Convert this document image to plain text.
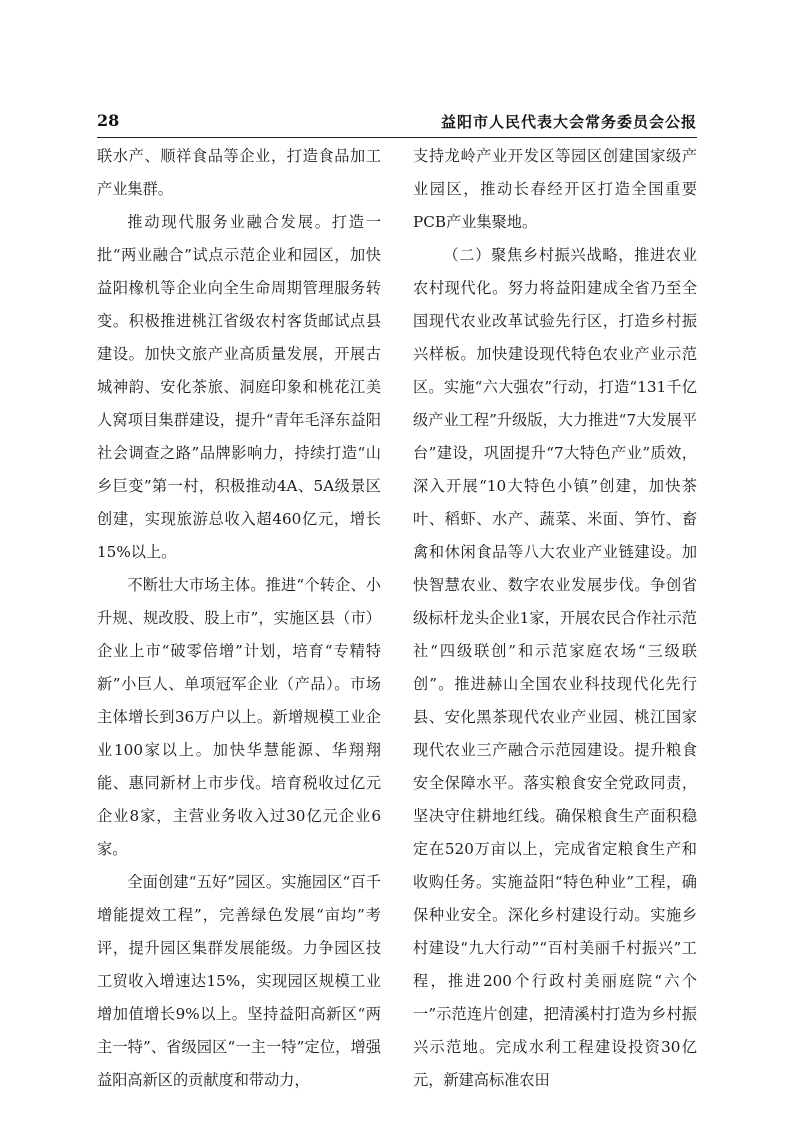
28	益阳市人民代表大会常务委员会公报

联水产、顺祥食品等企业，打造食品加工产业集群。

推动现代服务业融合发展。打造一批“两业融合”试点示范企业和园区，加快益阳橡机等企业向全生命周期管理服务转变。积极推进桃江省级农村客货邮试点县建设。加快文旅产业高质量发展，开展古城神韵、安化茶旅、洞庭印象和桃花江美人窝项目集群建设，提升“青年毛泽东益阳社会调查之路”品牌影响力，持续打造“山乡巨变”第一村，积极推动4A、5A级景区创建，实现旅游总收入超460亿元，增长15%以上。

不断壮大市场主体。推进“个转企、小升规、规改股、股上市”，实施区县（市）企业上市“破零倍增”计划，培育“专精特新”小巨人、单项冠军企业（产品）。市场主体增长到36万户以上。新增规模工业企业100家以上。加快华慧能源、华翔翔能、惠同新材上市步伐。培育税收过亿元企业8家，主营业务收入过30亿元企业6家。

全面创建“五好”园区。实施园区“百千增能提效工程”，完善绿色发展“亩均”考评，提升园区集群发展能级。力争园区技工贸收入增速达15%，实现园区规模工业增加值增长9%以上。坚持益阳高新区“两主一特”、省级园区“一主一特”定位，增强益阳高新区的贡献度和带动力，

支持龙岭产业开发区等园区创建国家级产业园区，推动长春经开区打造全国重要PCB产业集聚地。

（二）聚焦乡村振兴战略，推进农业农村现代化。努力将益阳建成全省乃至全国现代农业改革试验先行区，打造乡村振兴样板。加快建设现代特色农业产业示范区。实施“六大强农”行动，打造“131千亿级产业工程”升级版，大力推进“7大发展平台”建设，巩固提升“7大特色产业”质效，深入开展“10大特色小镇”创建，加快茶叶、稻虾、水产、蔬菜、米面、笋竹、畜禽和休闲食品等八大农业产业链建设。加快智慧农业、数字农业发展步伐。争创省级标杆龙头企业1家，开展农民合作社示范社“四级联创”和示范家庭农场“三级联创”。推进赫山全国农业科技现代化先行县、安化黑茶现代农业产业园、桃江国家现代农业三产融合示范园建设。提升粮食安全保障水平。落实粮食安全党政同责，坚决守住耕地红线。确保粮食生产面积稳定在520万亩以上，完成省定粮食生产和收购任务。实施益阳“特色种业”工程，确保种业安全。深化乡村建设行动。实施乡村建设“九大行动”“百村美丽千村振兴”工程，推进200个行政村美丽庭院“六个一”示范连片创建，把清溪村打造为乡村振兴示范地。完成水利工程建设投资30亿元，新建高标准农田
